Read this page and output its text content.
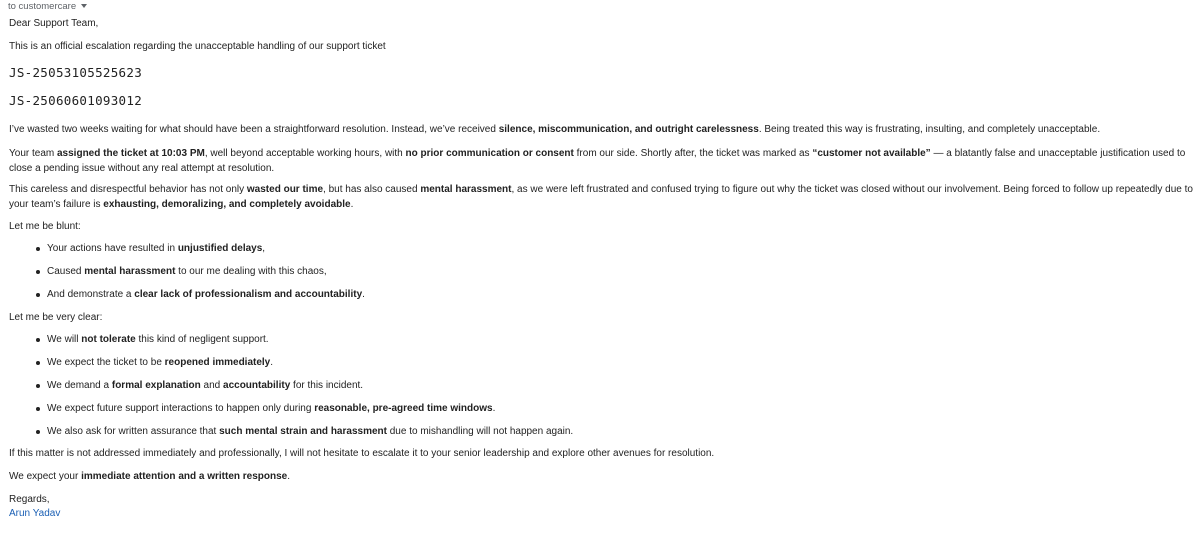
to customercare
Dear Support Team,
This is an official escalation regarding the unacceptable handling of our support ticket
JS-25053105525623
JS-25060601093012
I’ve wasted two weeks waiting for what should have been a straightforward resolution. Instead, we’ve received silence, miscommunication, and outright carelessness. Being treated this way is frustrating, insulting, and completely unacceptable.
Your team assigned the ticket at 10:03 PM, well beyond acceptable working hours, with no prior communication or consent from our side. Shortly after, the ticket was marked as “customer not available” — a blatantly false and unacceptable justification used to close a pending issue without any real attempt at resolution.
This careless and disrespectful behavior has not only wasted our time, but has also caused mental harassment, as we were left frustrated and confused trying to figure out why the ticket was closed without our involvement. Being forced to follow up repeatedly due to your team’s failure is exhausting, demoralizing, and completely avoidable.
Let me be blunt:
Your actions have resulted in unjustified delays,
Caused mental harassment to our me dealing with this chaos,
And demonstrate a clear lack of professionalism and accountability.
Let me be very clear:
We will not tolerate this kind of negligent support.
We expect the ticket to be reopened immediately.
We demand a formal explanation and accountability for this incident.
We expect future support interactions to happen only during reasonable, pre-agreed time windows.
We also ask for written assurance that such mental strain and harassment due to mishandling will not happen again.
If this matter is not addressed immediately and professionally, I will not hesitate to escalate it to your senior leadership and explore other avenues for resolution.
We expect your immediate attention and a written response.
Regards,
Arun Yadav
